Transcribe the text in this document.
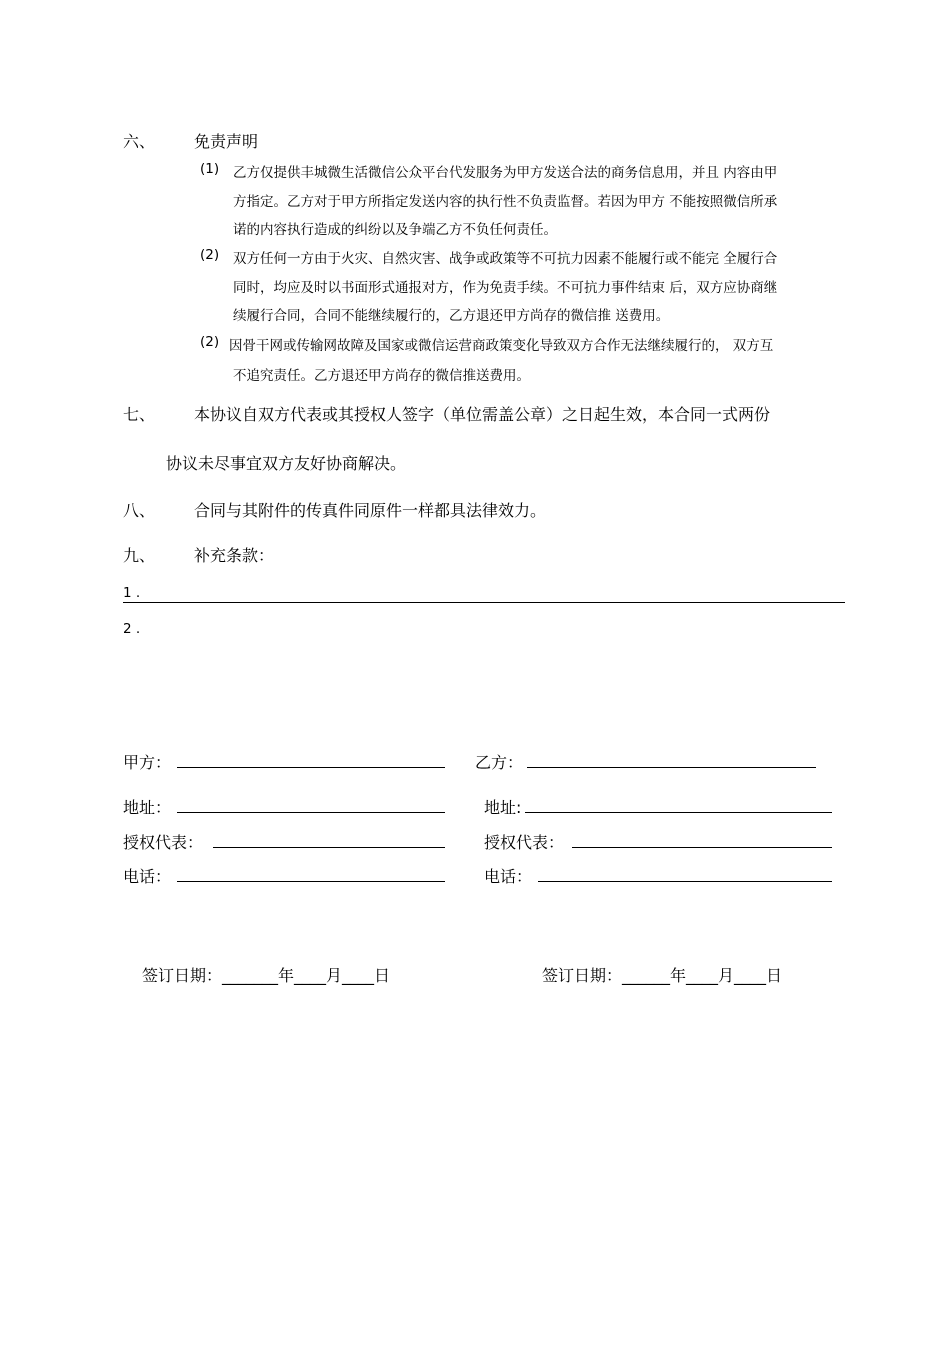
六、 免责声明
(1) 乙方仅提供丰城微生活微信公众平台代发服务为甲方发送合法的商务信息用，并且 内容由甲
方指定。乙方对于甲方所指定发送内容的执行性不负责监督。若因为甲方 不能按照微信所承
诺的内容执行造成的纠纷以及争端乙方不负任何责任。
(2) 双方任何一方由于火灾、自然灾害、战争或政策等不可抗力因素不能履行或不能完 全履行合
同时，均应及时以书面形式通报对方，作为免责手续。不可抗力事件结束 后，双方应协商继
续履行合同，合同不能继续履行的，乙方退还甲方尚存的微信推 送费用。
(2) 因骨干网或传输网故障及国家或微信运营商政策变化导致双方合作无法继续履行的， 双方互
不追究责任。乙方退还甲方尚存的微信推送费用。
七、 本协议自双方代表或其授权人签字（单位需盖公章）之日起生效，本合同一式两份
协议未尽事宜双方友好协商解决。
八、 合同与其附件的传真件同原件一样都具法律效力。
九、 补充条款：
1 .
2 .
甲方：	乙方：
地址：	地址:
授权代表：	授权代表：
电话：	电话：
签订日期：_______年____月____日	签订日期：______年____月____日
